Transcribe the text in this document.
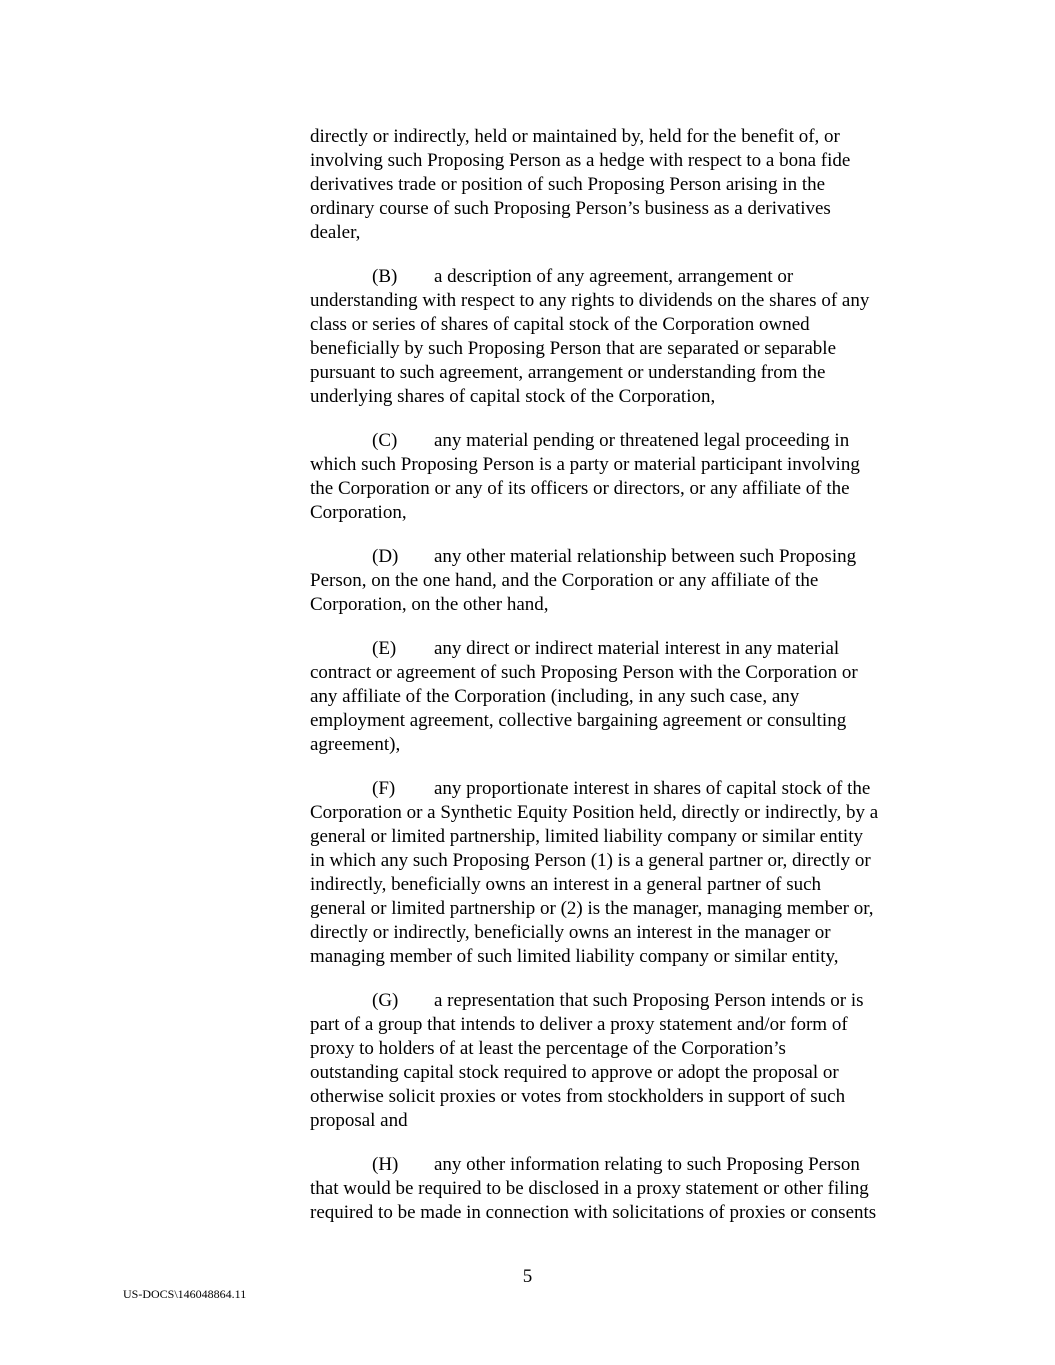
directly or indirectly, held or maintained by, held for the benefit of, or
involving such Proposing Person as a hedge with respect to a bona fide
derivatives trade or position of such Proposing Person arising in the
ordinary course of such Proposing Person’s business as a derivatives
dealer,

(B) a description of any agreement, arrangement or
understanding with respect to any rights to dividends on the shares of any
class or series of shares of capital stock of the Corporation owned
beneficially by such Proposing Person that are separated or separable
pursuant to such agreement, arrangement or understanding from the
underlying shares of capital stock of the Corporation,

(C) any material pending or threatened legal proceeding in
which such Proposing Person is a party or material participant involving
the Corporation or any of its officers or directors, or any affiliate of the
Corporation,

(D) any other material relationship between such Proposing
Person, on the one hand, and the Corporation or any affiliate of the
Corporation, on the other hand,

(E) any direct or indirect material interest in any material
contract or agreement of such Proposing Person with the Corporation or
any affiliate of the Corporation (including, in any such case, any
employment agreement, collective bargaining agreement or consulting
agreement),

(F) any proportionate interest in shares of capital stock of the
Corporation or a Synthetic Equity Position held, directly or indirectly, by a
general or limited partnership, limited liability company or similar entity
in which any such Proposing Person (1) is a general partner or, directly or
indirectly, beneficially owns an interest in a general partner of such
general or limited partnership or (2) is the manager, managing member or,
directly or indirectly, beneficially owns an interest in the manager or
managing member of such limited liability company or similar entity,

(G) a representation that such Proposing Person intends or is
part of a group that intends to deliver a proxy statement and/or form of
proxy to holders of at least the percentage of the Corporation’s
outstanding capital stock required to approve or adopt the proposal or
otherwise solicit proxies or votes from stockholders in support of such
proposal and

(H) any other information relating to such Proposing Person
that would be required to be disclosed in a proxy statement or other filing
required to be made in connection with solicitations of proxies or consents

5
US-DOCS\146048864.11
